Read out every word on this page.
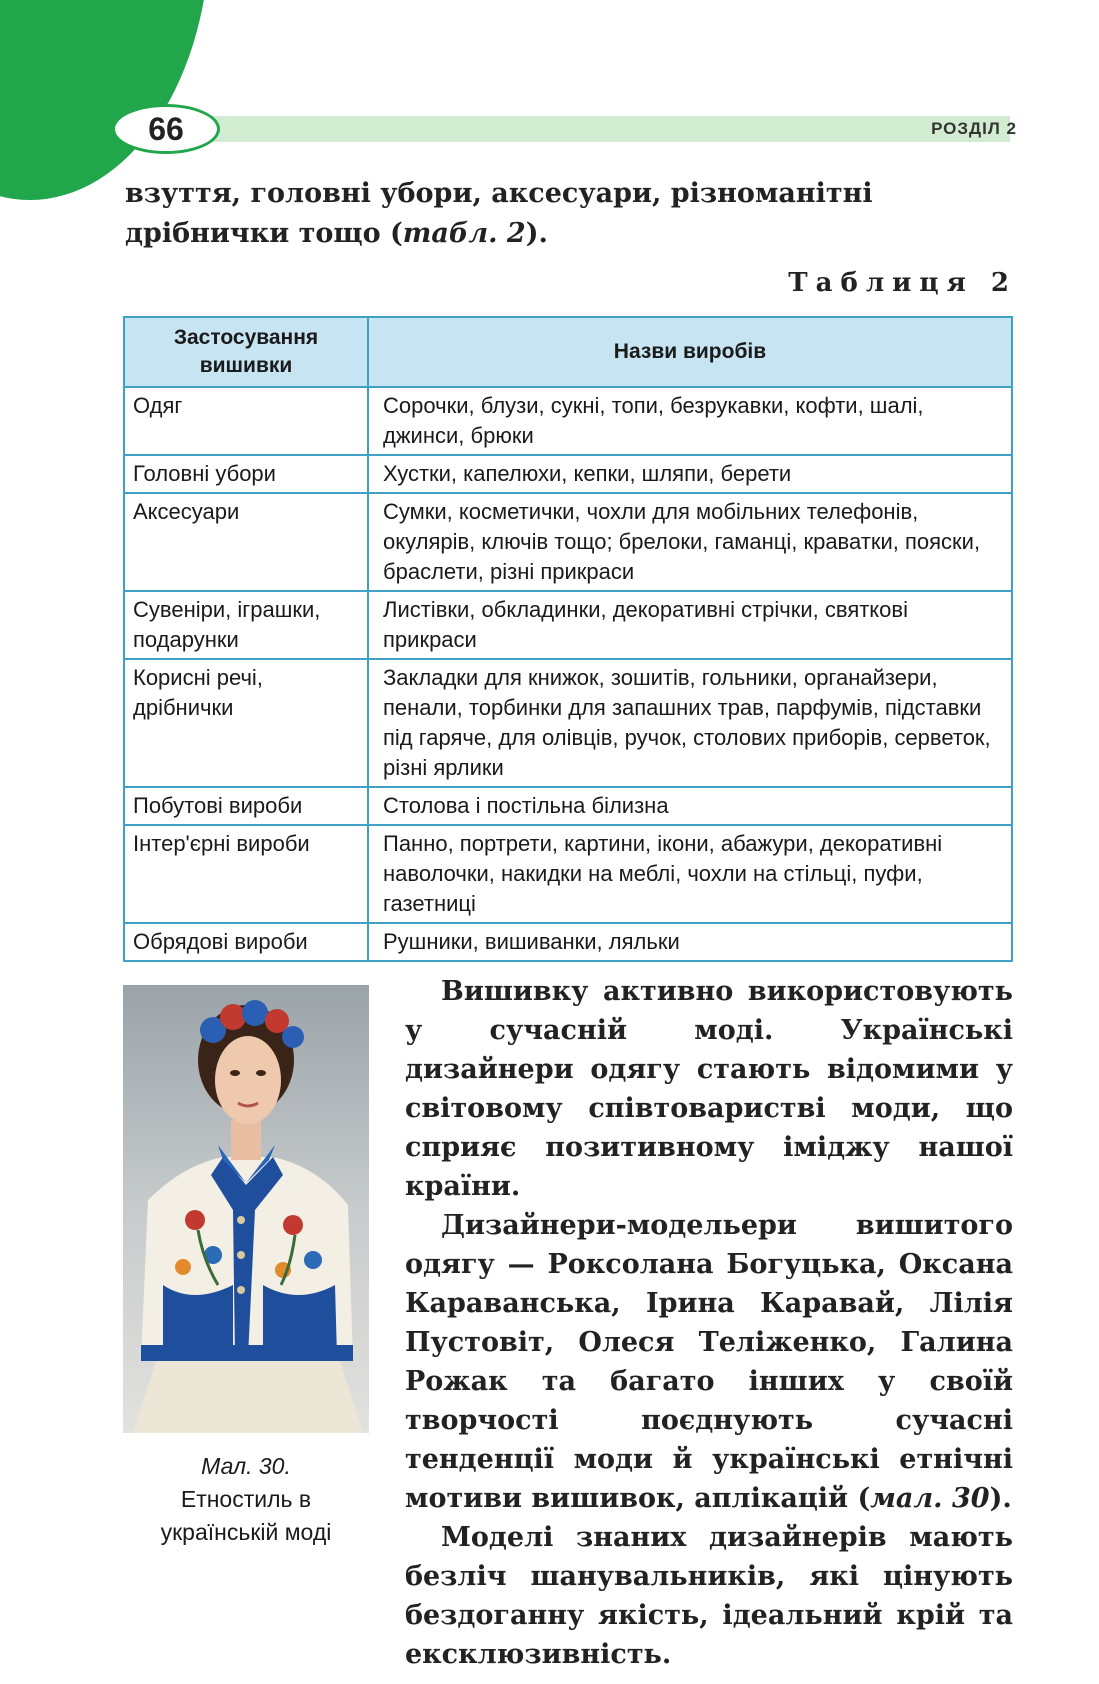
66	РОЗДІЛ 2
взуття, головні убори, аксесуари, різноманітні дрібнички тощо (табл. 2).
Таблиця 2
Застосування вишивки	Назви виробів
Одяг	Сорочки, блузи, сукні, топи, безрукавки, кофти, шалі, джинси, брюки
Головні убори	Хустки, капелюхи, кепки, шляпи, берети
Аксесуари	Сумки, косметички, чохли для мобільних телефонів, окулярів, ключів тощо; брелоки, гаманці, краватки, пояски, браслети, різні прикраси
Сувеніри, іграшки, подарунки	Листівки, обкладинки, декоративні стрічки, святкові прикраси
Корисні речі, дрібнички	Закладки для книжок, зошитів, гольники, органайзери, пенали, торбинки для запашних трав, парфумів, підставки під гаряче, для олівців, ручок, столових приборів, серветок, різні ярлики
Побутові вироби	Столова і постільна білизна
Інтер'єрні вироби	Панно, портрети, картини, ікони, абажури, декоративні наволочки, накидки на меблі, чохли на стільці, пуфи, газетниці
Обрядові вироби	Рушники, вишиванки, ляльки
Мал. 30.
Етностиль в українській моді

Вишивку активно використовують у сучасній моді. Українські дизайнери одягу стають відомими у світовому співтоваристві моди, що сприяє позитивному іміджу нашої країни.

Дизайнери-модельери вишитого одягу — Роксолана Богуцька, Оксана Караванська, Ірина Каравай, Лілія Пустовіт, Олеся Теліженко, Галина Рожак та багато інших у своїй творчості поєднують сучасні тенденції моди й українські етнічні мотиви вишивок, аплікацій (мал. 30).

Моделі знаних дизайнерів мають безліч шанувальників, які цінують бездоганну якість, ідеальний крій та ексклюзивність.
